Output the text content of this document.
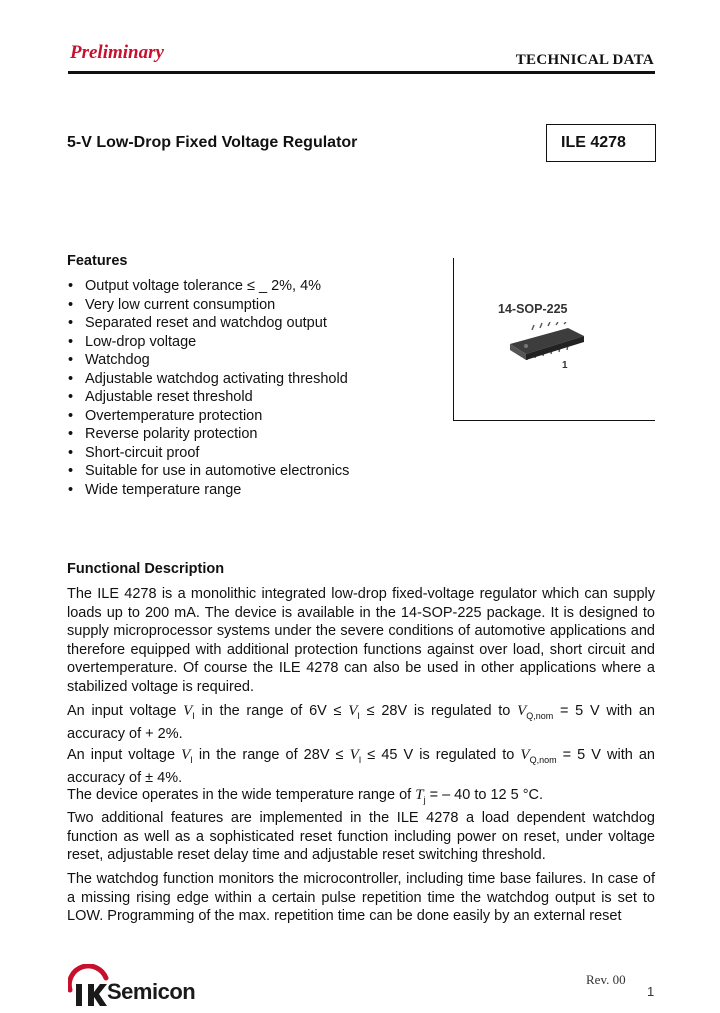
Preliminary	TECHNICAL DATA
5-V Low-Drop Fixed Voltage Regulator	ILE 4278
Features
• Output voltage tolerance ≤ _ 2%, 4%
• Very low current consumption
• Separated reset and watchdog output
• Low-drop voltage
• Watchdog
• Adjustable watchdog activating threshold
• Adjustable reset threshold
• Overtemperature protection
• Reverse polarity protection
• Short-circuit proof
• Suitable for use in automotive electronics
• Wide temperature range
14-SOP-225
1
Functional Description

The ILE 4278 is a monolithic integrated low-drop fixed-voltage regulator which can supply loads up to 200 mA. The device is available in the 14-SOP-225 package. It is designed to supply microprocessor systems under the severe conditions of automotive applications and therefore equipped with additional protection functions against over load, short circuit and overtemperature. Of course the ILE 4278 can also be used in other applications where a stabilized voltage is required.

An input voltage $V_I$ in the range of $6V \le V_I \le 28V$ is regulated to $V_{Q,nom} = 5$ V with an accuracy of + 2%.

An input voltage $V_I$ in the range of $28V \le V_I \le 45$ V is regulated to $V_{Q,nom} = 5$ V with an accuracy of ± 4%.

The device operates in the wide temperature range of $T_j$ = – 40 to 12 5 °C.

Two additional features are implemented in the ILE 4278 a load dependent watchdog function as well as a sophisticated reset function including power on reset, under voltage reset, adjustable reset delay time and adjustable reset switching threshold.

The watchdog function monitors the microcontroller, including time base failures. In case of a missing rising edge within a certain pulse repetition time the watchdog output is set to LOW. Programming of the max. repetition time can be done easily by an external reset

Semicon	Rev. 00
1
